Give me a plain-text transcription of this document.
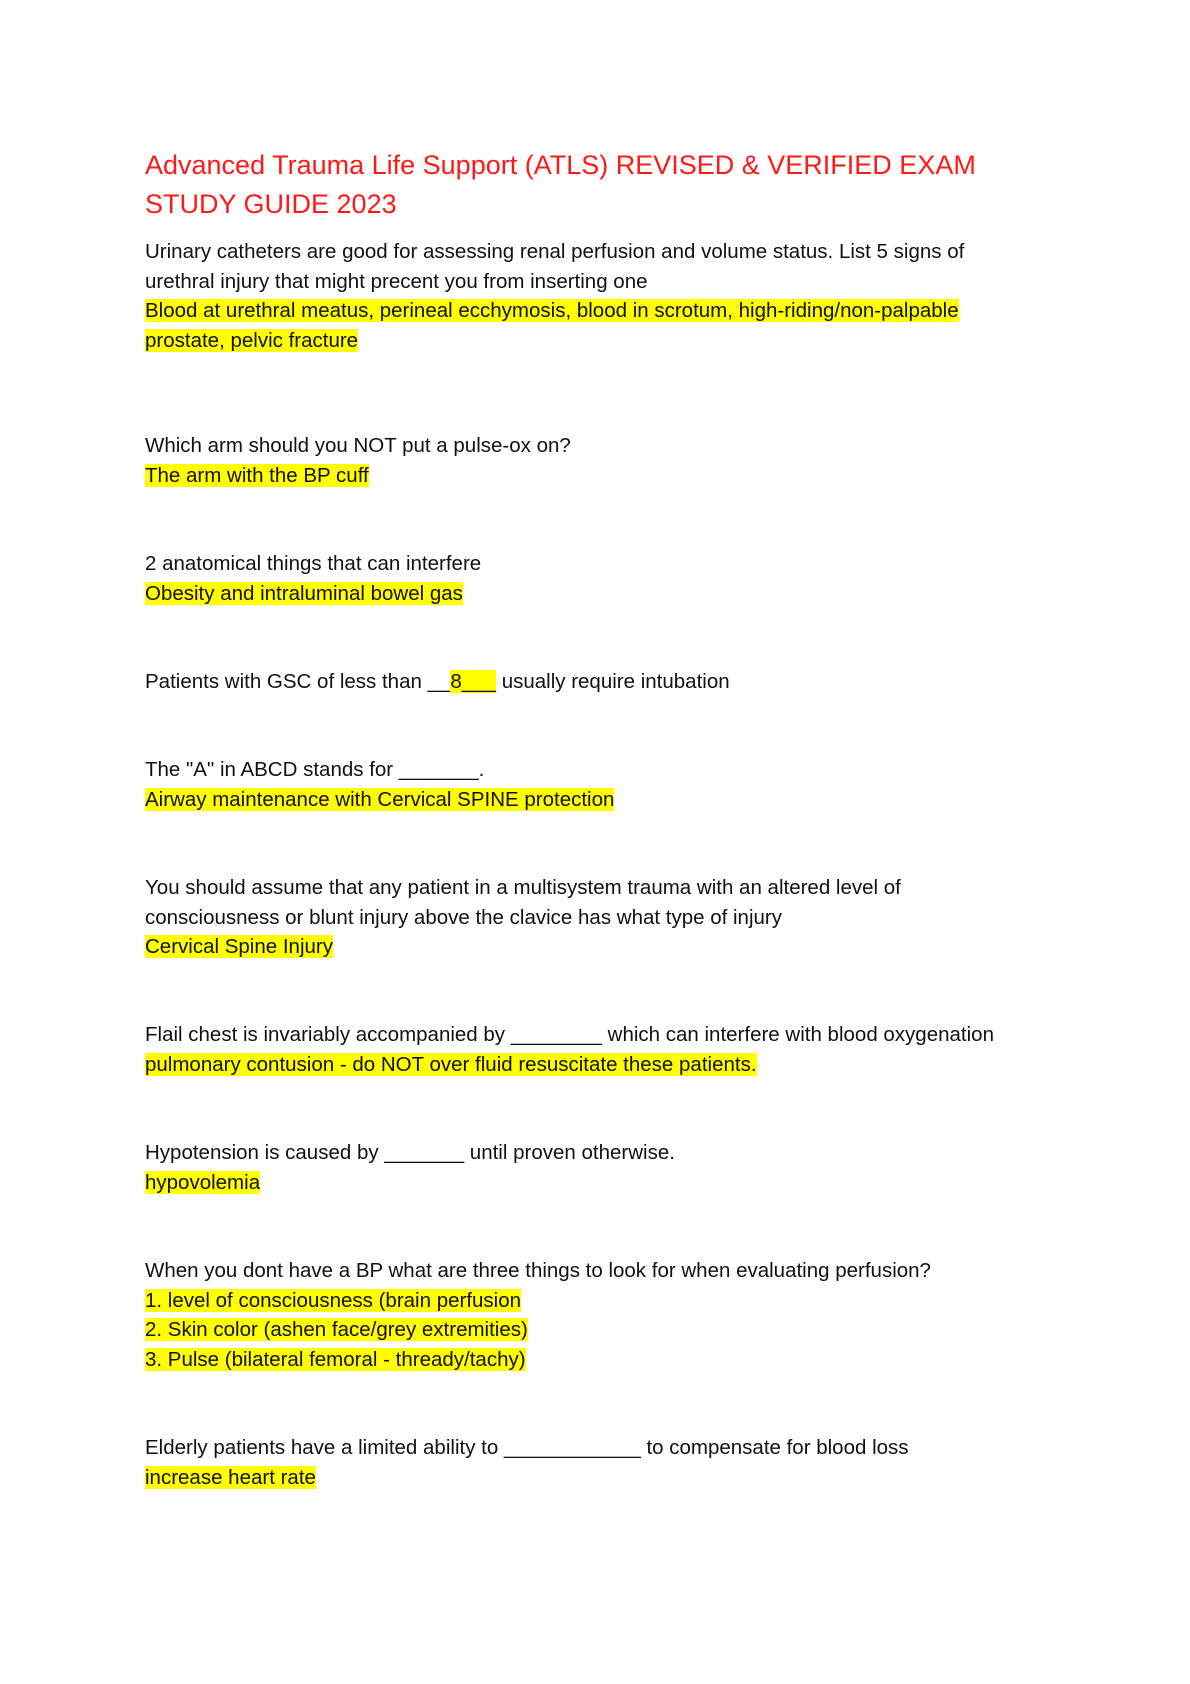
Advanced Trauma Life Support (ATLS) REVISED & VERIFIED EXAM
STUDY GUIDE 2023
Urinary catheters are good for assessing renal perfusion and volume status. List 5 signs of
urethral injury that might precent you from inserting one
Blood at urethral meatus, perineal ecchymosis, blood in scrotum, high-riding/non-palpable
prostate, pelvic fracture
Which arm should you NOT put a pulse-ox on?
The arm with the BP cuff
2 anatomical things that can interfere
Obesity and intraluminal bowel gas
Patients with GSC of less than __8___ usually require intubation
The "A" in ABCD stands for _______.
Airway maintenance with Cervical SPINE protection
You should assume that any patient in a multisystem trauma with an altered level of
consciousness or blunt injury above the clavice has what type of injury
Cervical Spine Injury
Flail chest is invariably accompanied by ________ which can interfere with blood oxygenation
pulmonary contusion - do NOT over fluid resuscitate these patients.
Hypotension is caused by _______ until proven otherwise.
hypovolemia
When you dont have a BP what are three things to look for when evaluating perfusion?
1. level of consciousness (brain perfusion
2. Skin color (ashen face/grey extremities)
3. Pulse (bilateral femoral - thready/tachy)
Elderly patients have a limited ability to ____________ to compensate for blood loss
increase heart rate
